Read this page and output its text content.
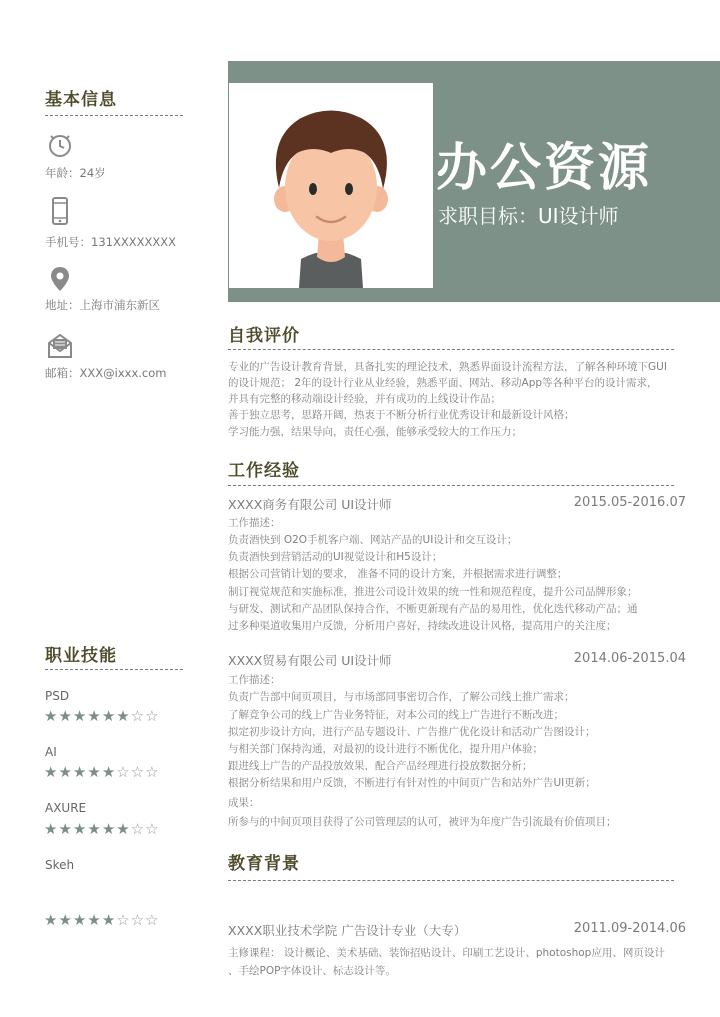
基本信息
年龄：24岁
手机号：131XXXXXXXX
地址：上海市浦东新区
邮箱：XXX@ixxx.com
职业技能
PSD
★★★★★★☆☆
AI
★★★★★☆☆☆
AXURE
★★★★★★☆☆
Skeh
★★★★★☆☆☆
办公资源
求职目标：UI设计师
自我评价
专业的广告设计教育背景，具备扎实的理论技术，熟悉界面设计流程方法，了解各种环境下GUI
的设计规范； 2年的设计行业从业经验，熟悉平面、网站、移动App等各种平台的设计需求，
并具有完整的移动端设计经验，并有成功的上线设计作品；
善于独立思考，思路开阔，热衷于不断分析行业优秀设计和最新设计风格；
学习能力强，结果导向，责任心强，能够承受较大的工作压力；
工作经验
XXXX商务有限公司 UI设计师	2015.05-2016.07
工作描述：
负责酒快到 O2O手机客户端、网站产品的UI设计和交互设计；
负责酒快到营销活动的UI视觉设计和H5设计；
根据公司营销计划的要求， 准备不同的设计方案，并根据需求进行调整；
制订视觉规范和实施标准，推进公司设计效果的统一性和规范程度，提升公司品牌形象；
与研发、测试和产品团队保持合作，不断更新现有产品的易用性，优化迭代移动产品；通
过多种渠道收集用户反馈，分析用户喜好，持续改进设计风格，提高用户的关注度；
XXXX贸易有限公司 UI设计师	2014.06-2015.04
工作描述：
负责广告部中间页项目，与市场部同事密切合作，了解公司线上推广需求；
了解竞争公司的线上广告业务特征，对本公司的线上广告进行不断改进；
拟定初步设计方向，进行产品专题设计、广告推广优化设计和活动广告图设计；
与相关部门保持沟通，对最初的设计进行不断优化，提升用户体验；
跟进线上广告的产品投放效果，配合产品经理进行投放数据分析；
根据分析结果和用户反馈，不断进行有针对性的中间页广告和站外广告UI更新；
成果：
所参与的中间页项目获得了公司管理层的认可，被评为年度广告引流最有价值项目；
教育背景
XXXX职业技术学院 广告设计专业（大专）	2011.09-2014.06
主修课程： 设计概论、美术基础、装饰招贴设计、印刷工艺设计、photoshop应用、网页设计
、手绘POP字体设计、标志设计等。
